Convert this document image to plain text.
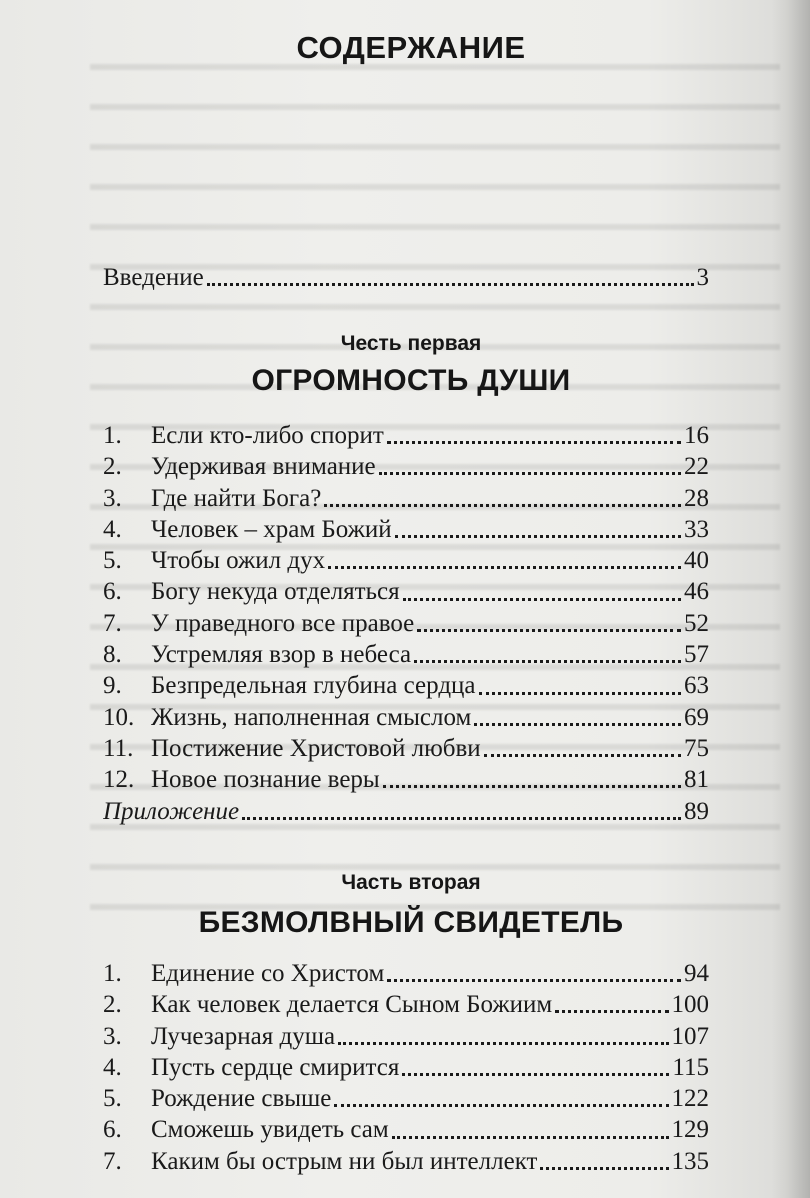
СОДЕРЖАНИЕ
Введение	3
Честь первая
ОГРОМНОСТЬ ДУШИ
1.	Если кто-либо спорит	16
2.	Удерживая внимание	22
3.	Где найти Бога?	28
4.	Человек – храм Божий	33
5.	Чтобы ожил дух	40
6.	Богу некуда отделяться	46
7.	У праведного все правое	52
8.	Устремляя взор в небеса	57
9.	Безпредельная глубина сердца	63
10. Жизнь, наполненная смыслом	69
11. Постижение Христовой любви	75
12. Новое познание веры	81
Приложение	89
Часть вторая
БЕЗМОЛВНЫЙ СВИДЕТЕЛЬ
1.	Единение со Христом	94
2.	Как человек делается Сыном Божиим	100
3.	Лучезарная душа	107
4.	Пусть сердце смирится	115
5.	Рождение свыше	122
6.	Сможешь увидеть сам	129
7.	Каким бы острым ни был интеллект	135
